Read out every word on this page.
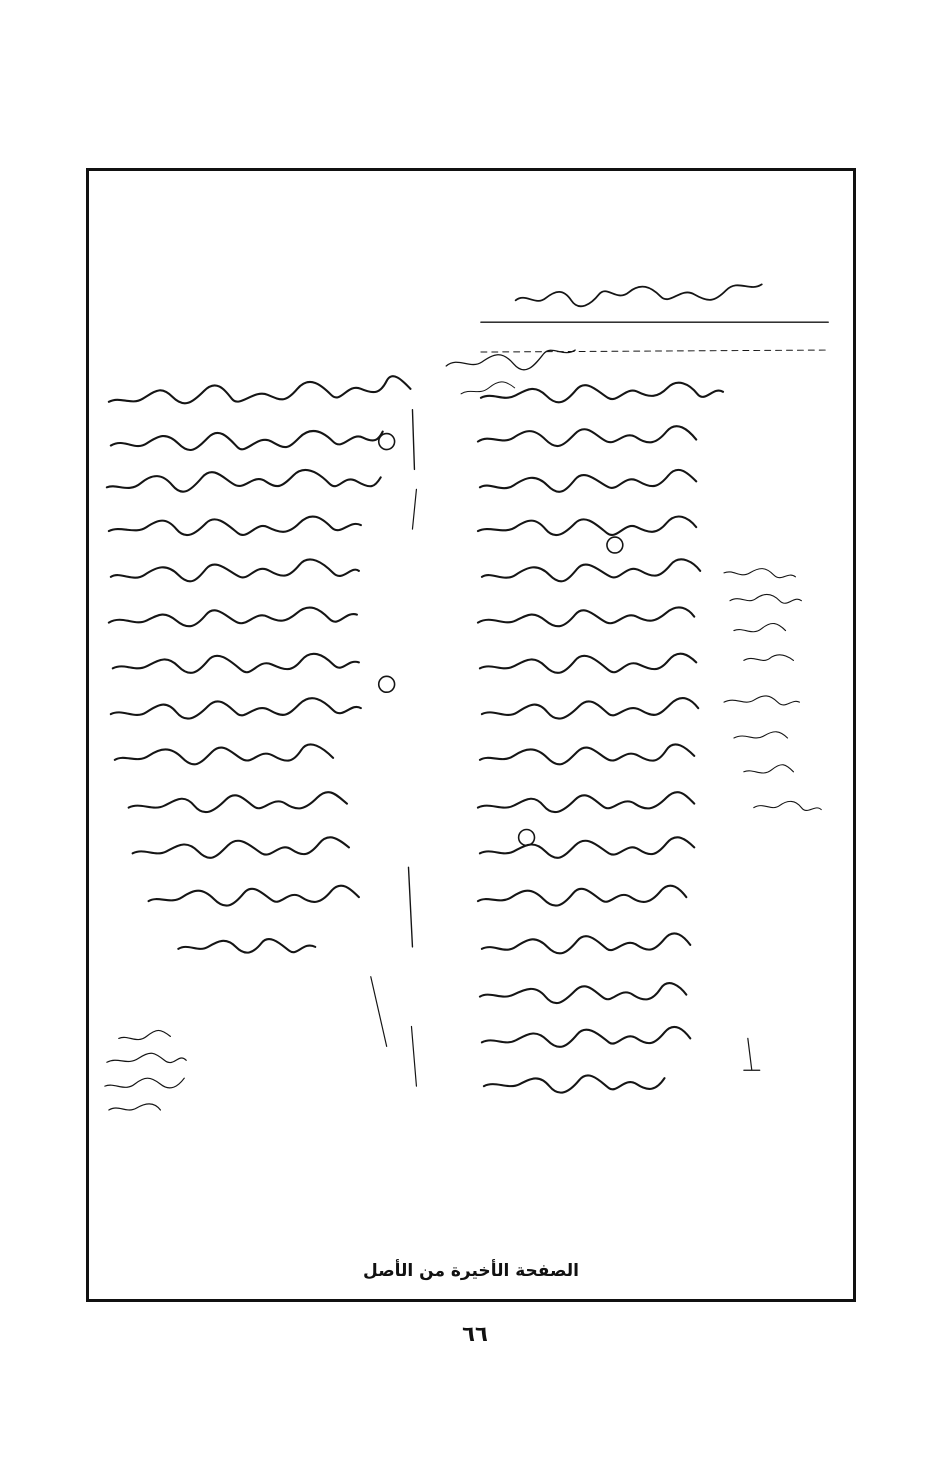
الصفحة الأخيرة من الأصل
٦٦
